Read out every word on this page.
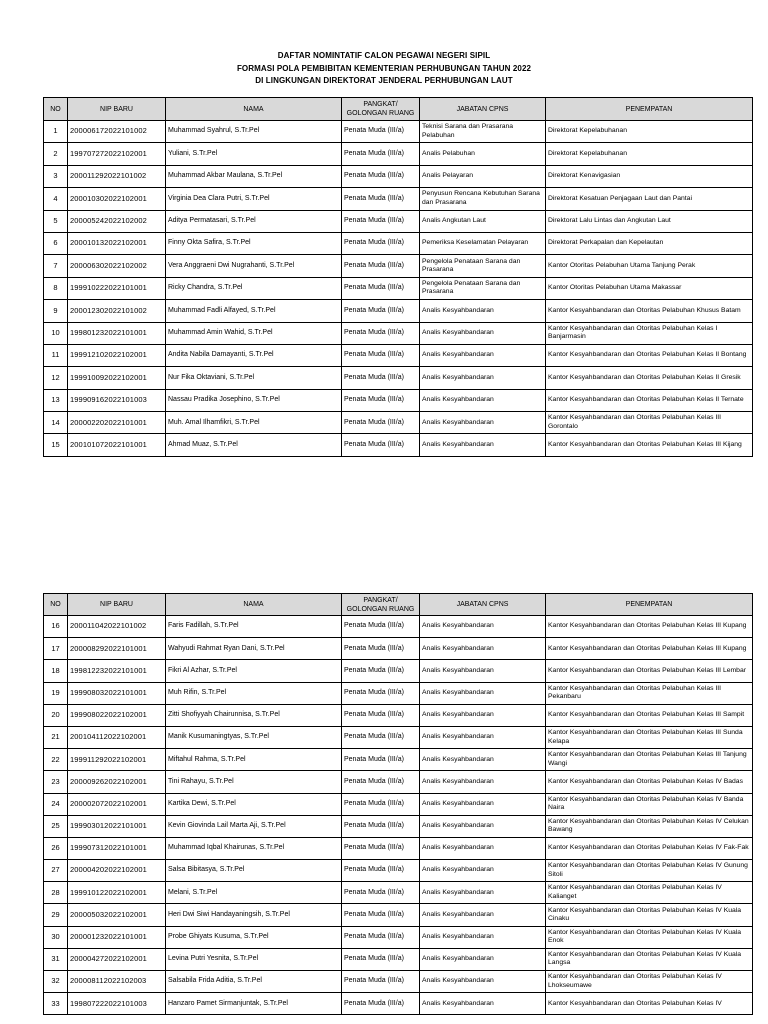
DAFTAR NOMINTATIF CALON PEGAWAI NEGERI SIPIL
FORMASI POLA PEMBIBITAN KEMENTERIAN PERHUBUNGAN TAHUN 2022
DI LINGKUNGAN DIREKTORAT JENDERAL PERHUBUNGAN LAUT
NO	NIP BARU	NAMA	PANGKAT/
GOLONGAN RUANG	JABATAN CPNS	PENEMPATAN
1	200006172022101002	Muhammad Syahrul, S.Tr.Pel	Penata Muda (III/a)	Teknisi Sarana dan Prasarana Pelabuhan	Direktorat Kepelabuhanan
2	199707272022102001	Yuliani, S.Tr.Pel	Penata Muda (III/a)	Analis Pelabuhan	Direktorat Kepelabuhanan
3	200011292022101002	Muhammad Akbar Maulana, S.Tr.Pel	Penata Muda (III/a)	Analis Pelayaran	Direktorat Kenavigasian
4	200010302022102001	Virginia Dea Clara Putri, S.Tr.Pel	Penata Muda (III/a)	Penyusun Rencana Kebutuhan Sarana dan Prasarana	Direktorat Kesatuan Penjagaan Laut dan Pantai
5	200005242022102002	Aditya Permatasari, S.Tr.Pel	Penata Muda (III/a)	Analis Angkutan Laut	Direktorat Lalu Lintas dan Angkutan Laut
6	200010132022102001	Finny Okta Safira, S.Tr.Pel	Penata Muda (III/a)	Pemeriksa Keselamatan Pelayaran	Direktorat Perkapalan dan Kepelautan
7	200006302022102002	Vera Anggraeni Dwi Nugrahanti, S.Tr.Pel	Penata Muda (III/a)	Pengelola Penataan Sarana dan Prasarana	Kantor Otoritas Pelabuhan Utama Tanjung Perak
8	199910222022101001	Ricky Chandra, S.Tr.Pel	Penata Muda (III/a)	Pengelola Penataan Sarana dan Prasarana	Kantor Otoritas Pelabuhan Utama Makassar
9	200012302022101002	Muhammad Fadli Alfayed, S.Tr.Pel	Penata Muda (III/a)	Analis Kesyahbandaran	Kantor Kesyahbandaran dan Otoritas Pelabuhan Khusus Batam
10	199801232022101001	Muhammad Amin Wahid, S.Tr.Pel	Penata Muda (III/a)	Analis Kesyahbandaran	Kantor Kesyahbandaran dan Otoritas Pelabuhan Kelas I Banjarmasin
11	199912102022102001	Andita Nabila Damayanti, S.Tr.Pel	Penata Muda (III/a)	Analis Kesyahbandaran	Kantor Kesyahbandaran dan Otoritas Pelabuhan Kelas II Bontang
12	199910092022102001	Nur Fika Oktaviani, S.Tr.Pel	Penata Muda (III/a)	Analis Kesyahbandaran	Kantor Kesyahbandaran dan Otoritas Pelabuhan Kelas II Gresik
13	199909162022101003	Nassau Pradika Josephino, S.Tr.Pel	Penata Muda (III/a)	Analis Kesyahbandaran	Kantor Kesyahbandaran dan Otoritas Pelabuhan Kelas II Ternate
14	200002202022101001	Muh. Amal Ilhamfikri, S.Tr.Pel	Penata Muda (III/a)	Analis Kesyahbandaran	Kantor Kesyahbandaran dan Otoritas Pelabuhan Kelas III Gorontalo
15	200101072022101001	Ahmad Muaz, S.Tr.Pel	Penata Muda (III/a)	Analis Kesyahbandaran	Kantor Kesyahbandaran dan Otoritas Pelabuhan Kelas III Kijang
NO	NIP BARU	NAMA	PANGKAT/
GOLONGAN RUANG	JABATAN CPNS	PENEMPATAN
16	200011042022101002	Faris Fadillah, S.Tr.Pel	Penata Muda (III/a)	Analis Kesyahbandaran	Kantor Kesyahbandaran dan Otoritas Pelabuhan Kelas III Kupang
17	200008292022101001	Wahyudi Rahmat Ryan Dani, S.Tr.Pel	Penata Muda (III/a)	Analis Kesyahbandaran	Kantor Kesyahbandaran dan Otoritas Pelabuhan Kelas III Kupang
18	199812232022101001	Fikri Al Azhar, S.Tr.Pel	Penata Muda (III/a)	Analis Kesyahbandaran	Kantor Kesyahbandaran dan Otoritas Pelabuhan Kelas III Lembar
19	199908032022101001	Muh Rifin, S.Tr.Pel	Penata Muda (III/a)	Analis Kesyahbandaran	Kantor Kesyahbandaran dan Otoritas Pelabuhan Kelas III Pekanbaru
20	199908022022102001	Zitti Shofiyyah Chairunnisa, S.Tr.Pel	Penata Muda (III/a)	Analis Kesyahbandaran	Kantor Kesyahbandaran dan Otoritas Pelabuhan Kelas III Sampit
21	200104112022102001	Manik Kusumaningtyas, S.Tr.Pel	Penata Muda (III/a)	Analis Kesyahbandaran	Kantor Kesyahbandaran dan Otoritas Pelabuhan Kelas III Sunda Kelapa
22	199911292022102001	Miftahul Rahma, S.Tr.Pel	Penata Muda (III/a)	Analis Kesyahbandaran	Kantor Kesyahbandaran dan Otoritas Pelabuhan Kelas III Tanjung Wangi
23	200009262022102001	Tini Rahayu, S.Tr.Pel	Penata Muda (III/a)	Analis Kesyahbandaran	Kantor Kesyahbandaran dan Otoritas Pelabuhan Kelas IV Badas
24	200002072022102001	Kartika Dewi, S.Tr.Pel	Penata Muda (III/a)	Analis Kesyahbandaran	Kantor Kesyahbandaran dan Otoritas Pelabuhan Kelas IV Banda Naira
25	199903012022101001	Kevin Giovinda Lail Marta Aji, S.Tr.Pel	Penata Muda (III/a)	Analis Kesyahbandaran	Kantor Kesyahbandaran dan Otoritas Pelabuhan Kelas IV Celukan Bawang
26	199907312022101001	Muhammad Iqbal Khairunas, S.Tr.Pel	Penata Muda (III/a)	Analis Kesyahbandaran	Kantor Kesyahbandaran dan Otoritas Pelabuhan Kelas IV Fak-Fak
27	200004202022102001	Salsa Bibitasya, S.Tr.Pel	Penata Muda (III/a)	Analis Kesyahbandaran	Kantor Kesyahbandaran dan Otoritas Pelabuhan Kelas IV Gunung Sitoli
28	199910122022102001	Melani, S.Tr.Pel	Penata Muda (III/a)	Analis Kesyahbandaran	Kantor Kesyahbandaran dan Otoritas Pelabuhan Kelas IV Kalianget
29	200005032022102001	Heri Dwi Siwi Handayaningsih, S.Tr.Pel	Penata Muda (III/a)	Analis Kesyahbandaran	Kantor Kesyahbandaran dan Otoritas Pelabuhan Kelas IV Kuala Cinaku
30	200001232022101001	Probe Ghiyats Kusuma, S.Tr.Pel	Penata Muda (III/a)	Analis Kesyahbandaran	Kantor Kesyahbandaran dan Otoritas Pelabuhan Kelas IV Kuala Enok
31	200004272022102001	Levina Putri Yesnita, S.Tr.Pel	Penata Muda (III/a)	Analis Kesyahbandaran	Kantor Kesyahbandaran dan Otoritas Pelabuhan Kelas IV Kuala Langsa
32	200008112022102003	Salsabila Frida Aditia, S.Tr.Pel	Penata Muda (III/a)	Analis Kesyahbandaran	Kantor Kesyahbandaran dan Otoritas Pelabuhan Kelas IV Lhokseumawe
33	199807222022101003	Hanzaro Pamet Sirmanjuntak, S.Tr.Pel	Penata Muda (III/a)	Analis Kesyahbandaran	Kantor Kesyahbandaran dan Otoritas Pelabuhan Kelas IV
